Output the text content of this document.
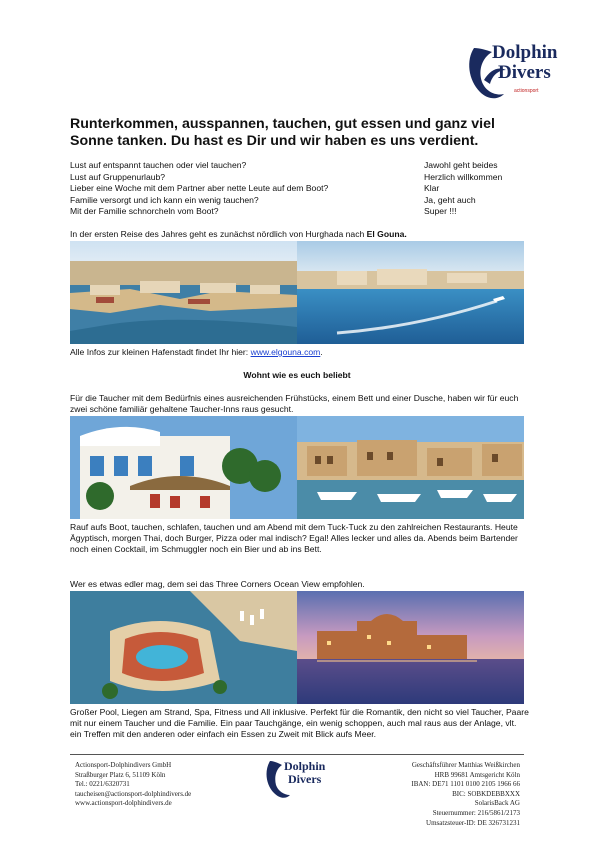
Dolphin
Divers
actionsport
Runterkommen, ausspannen, tauchen, gut essen und ganz viel Sonne tanken. Du hast es Dir und wir haben es uns verdient.
Lust auf entspannt tauchen oder viel tauchen?	Jawohl geht beides
Lust auf Gruppenurlaub?	Herzlich willkommen
Lieber eine Woche mit dem Partner aber nette Leute auf dem Boot?	Klar
Familie versorgt und ich kann ein wenig tauchen?	Ja, geht auch
Mit der Familie schnorcheln vom Boot?	Super !!!
In der ersten Reise des Jahres geht es zunächst nördlich von Hurghada nach El Gouna.
Alle Infos zur kleinen Hafenstadt findet Ihr hier: www.elgouna.com.
Wohnt wie es euch beliebt
Für die Taucher mit dem Bedürfnis eines ausreichenden Frühstücks, einem Bett und einer Dusche, haben wir für euch zwei schöne familiär gehaltene Taucher-Inns raus gesucht.
Rauf aufs Boot, tauchen, schlafen, tauchen und am Abend mit dem Tuck-Tuck zu den zahlreichen Restaurants. Heute Ägyptisch, morgen Thai, doch Burger, Pizza oder mal indisch? Egal! Alles lecker und alles da. Abends beim Bartender noch einen Cocktail, im Schmuggler noch ein Bier und ab ins Bett.
Wer es etwas edler mag, dem sei das Three Corners Ocean View empfohlen.
Großer Pool, Liegen am Strand, Spa, Fitness und All inklusive. Perfekt für die Romantik, den nicht so viel Taucher, Paare mit nur einem Taucher und die Familie. Ein paar Tauchgänge, ein wenig schoppen, auch mal raus aus der Anlage, vlt. ein Treffen mit den anderen oder einfach ein Essen zu Zweit mit Blick aufs Meer.
Actionsport-Dolphindivers GmbH
Straßburger Platz 6, 51109 Köln
Tel.: 0221/6320731
taucheisen@actionsport-dolphindivers.de
www.actionsport-dolphindivers.de
Dolphin
Divers
Geschäftsführer Matthias Weißkirchen
HRB 99681 Amtsgericht Köln
IBAN: DE71 1101 0100 2105 1966 66
BIC: SOBKDEBBXXX
SolarisBack AG
Steuernummer: 216/5861/2173
Umsatzsteuer-ID: DE 326731231
